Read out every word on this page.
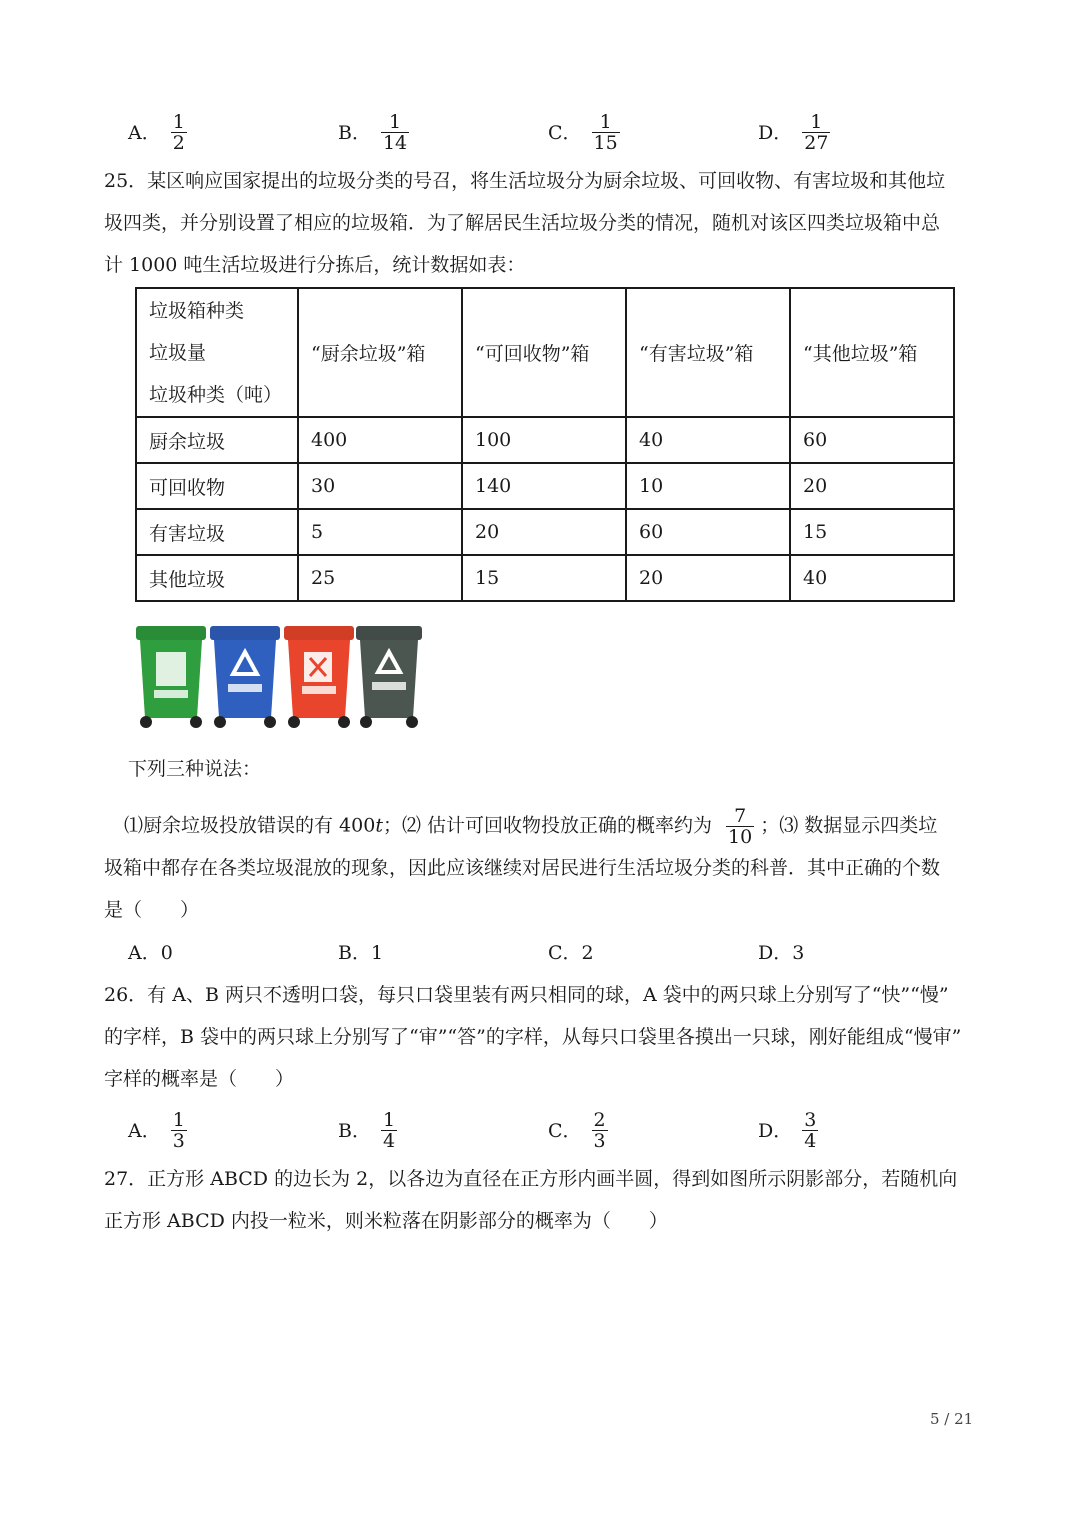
A． $\frac{1}{2}$	B． $\frac{1}{14}$	C． $\frac{1}{15}$	D． $\frac{1}{27}$
25．某区响应国家提出的垃圾分类的号召，将生活垃圾分为厨余垃圾、可回收物、有害垃圾和其他垃
圾四类，并分别设置了相应的垃圾箱．为了解居民生活垃圾分类的情况，随机对该区四类垃圾箱中总
计 1000 吨生活垃圾进行分拣后，统计数据如表：
垃圾箱种类
垃圾量
垃圾种类（吨）	“厨余垃圾”箱	“可回收物”箱	“有害垃圾”箱	“其他垃圾”箱
厨余垃圾	400	100	40	60
可回收物	30	140	10	20
有害垃圾	5	20	60	15
其他垃圾	25	15	20	40
下列三种说法：
⑴厨余垃圾投放错误的有 400t；⑵ 估计可回收物投放正确的概率约为 $\frac{7}{10}$ ；⑶ 数据显示四类垃
圾箱中都存在各类垃圾混放的现象，因此应该继续对居民进行生活垃圾分类的科普．其中正确的个数
是（　　）
A．0	B．1	C．2	D．3
26．有 A、B 两只不透明口袋，每只口袋里装有两只相同的球，A 袋中的两只球上分别写了“快”“慢”
的字样，B 袋中的两只球上分别写了“审”“答”的字样，从每只口袋里各摸出一只球，刚好能组成“慢审”
字样的概率是（　　）
A． $\frac{1}{3}$	B． $\frac{1}{4}$	C． $\frac{2}{3}$	D． $\frac{3}{4}$
27．正方形 ABCD 的边长为 2，以各边为直径在正方形内画半圆，得到如图所示阴影部分，若随机向
正方形 ABCD 内投一粒米，则米粒落在阴影部分的概率为（　　）
5 / 21
